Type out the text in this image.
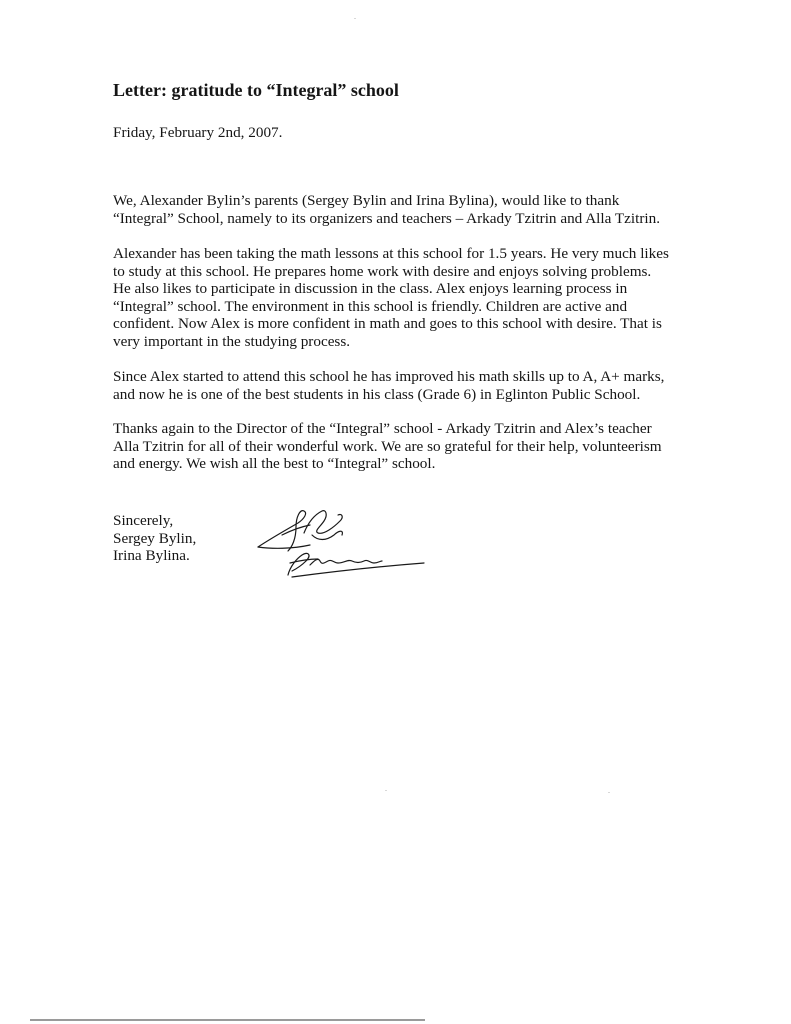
Letter: gratitude to “Integral” school
Friday, February 2nd, 2007.
We, Alexander Bylin’s parents (Sergey Bylin and Irina Bylina), would like to thank
“Integral” School, namely to its organizers and teachers – Arkady Tzitrin and Alla Tzitrin.
Alexander has been taking the math lessons at this school for 1.5 years. He very much likes
to study at this school. He prepares home work with desire and enjoys solving problems.
He also likes to participate in discussion in the class. Alex enjoys learning process in
“Integral” school. The environment in this school is friendly. Children are active and
confident. Now Alex is more confident in math and goes to this school with desire. That is
very important in the studying process.
Since Alex started to attend this school he has improved his math skills up to A, A+ marks,
and now he is one of the best students in his class (Grade 6) in Eglinton Public School.
Thanks again to the Director of the “Integral” school - Arkady Tzitrin and Alex’s teacher
Alla Tzitrin for all of their wonderful work. We are so grateful for their help, volunteerism
and energy. We wish all the best to “Integral” school.
Sincerely,
Sergey Bylin,
Irina Bylina.
